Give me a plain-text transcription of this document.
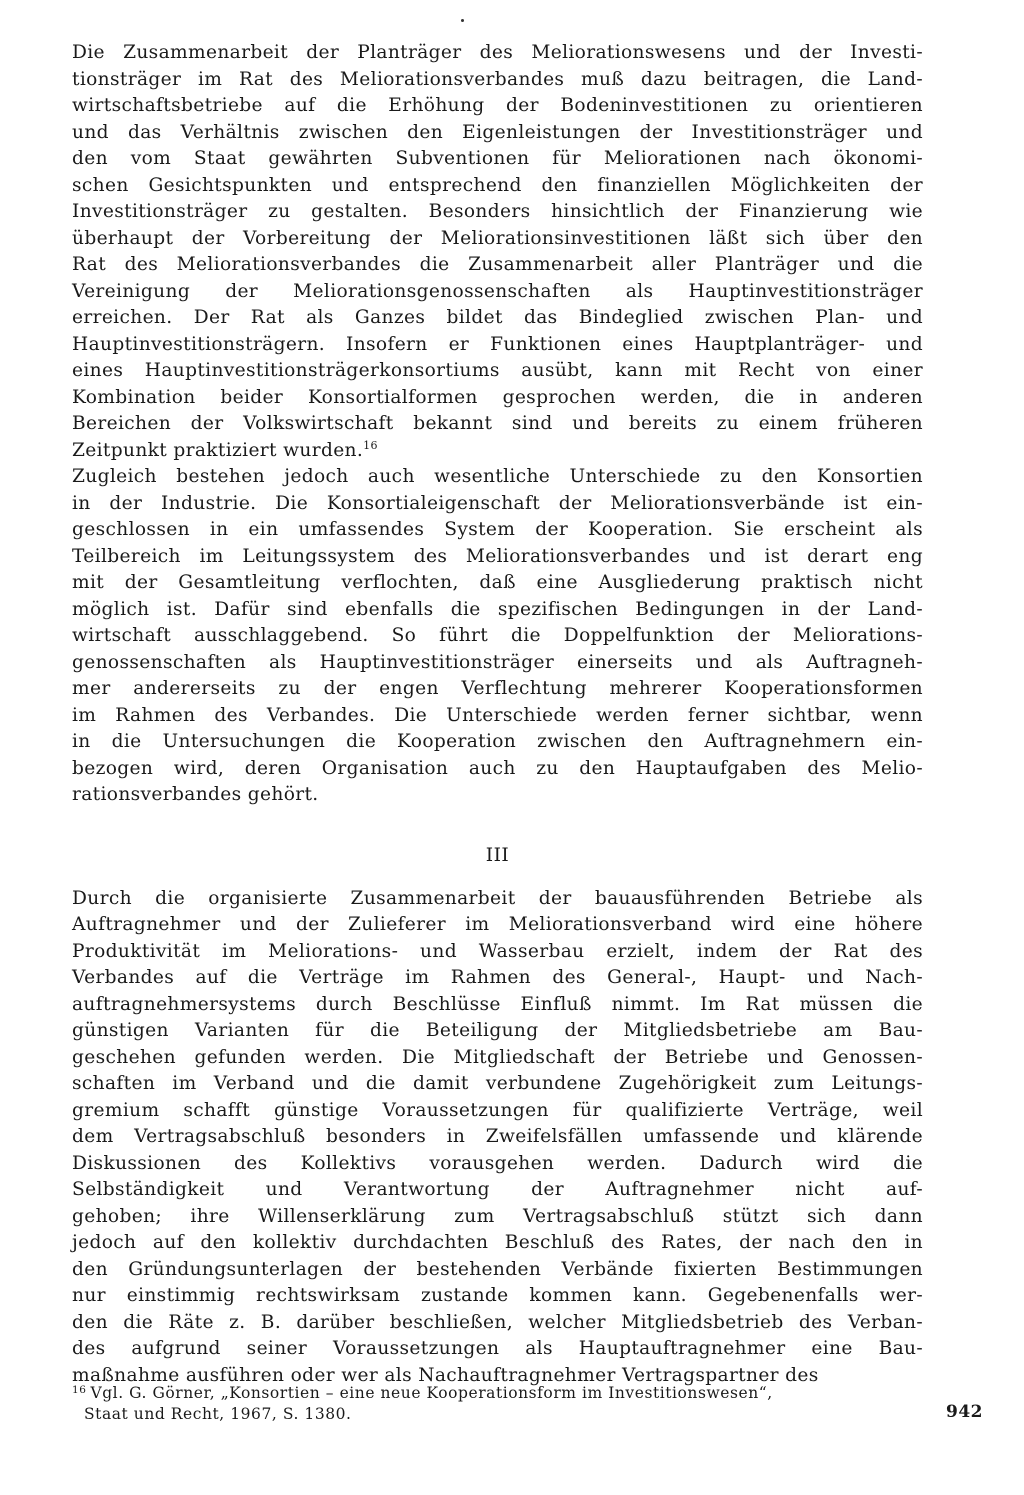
Die Zusammenarbeit der Planträger des Meliorationswesens und der Investi-
tionsträger im Rat des Meliorationsverbandes muß dazu beitragen, die Land-
wirtschaftsbetriebe auf die Erhöhung der Bodeninvestitionen zu orientieren
und das Verhältnis zwischen den Eigenleistungen der Investitionsträger und
den vom Staat gewährten Subventionen für Meliorationen nach ökonomi-
schen Gesichtspunkten und entsprechend den finanziellen Möglichkeiten der
Investitionsträger zu gestalten. Besonders hinsichtlich der Finanzierung wie
überhaupt der Vorbereitung der Meliorationsinvestitionen läßt sich über den
Rat des Meliorationsverbandes die Zusammenarbeit aller Planträger und die
Vereinigung der Meliorationsgenossenschaften als Hauptinvestitionsträger
erreichen. Der Rat als Ganzes bildet das Bindeglied zwischen Plan- und
Hauptinvestitionsträgern. Insofern er Funktionen eines Hauptplanträger- und
eines Hauptinvestitionsträgerkonsortiums ausübt, kann mit Recht von einer
Kombination beider Konsortialformen gesprochen werden, die in anderen
Bereichen der Volkswirtschaft bekannt sind und bereits zu einem früheren
Zeitpunkt praktiziert wurden.$^{16}$
Zugleich bestehen jedoch auch wesentliche Unterschiede zu den Konsortien
in der Industrie. Die Konsortialeigenschaft der Meliorationsverbände ist ein-
geschlossen in ein umfassendes System der Kooperation. Sie erscheint als
Teilbereich im Leitungssystem des Meliorationsverbandes und ist derart eng
mit der Gesamtleitung verflochten, daß eine Ausgliederung praktisch nicht
möglich ist. Dafür sind ebenfalls die spezifischen Bedingungen in der Land-
wirtschaft ausschlaggebend. So führt die Doppelfunktion der Meliorations-
genossenschaften als Hauptinvestitionsträger einerseits und als Auftragneh-
mer andererseits zu der engen Verflechtung mehrerer Kooperationsformen
im Rahmen des Verbandes. Die Unterschiede werden ferner sichtbar, wenn
in die Untersuchungen die Kooperation zwischen den Auftragnehmern ein-
bezogen wird, deren Organisation auch zu den Hauptaufgaben des Melio-
rationsverbandes gehört.
III
Durch die organisierte Zusammenarbeit der bauausführenden Betriebe als
Auftragnehmer und der Zulieferer im Meliorationsverband wird eine höhere
Produktivität im Meliorations- und Wasserbau erzielt, indem der Rat des
Verbandes auf die Verträge im Rahmen des General-, Haupt- und Nach-
auftragnehmersystems durch Beschlüsse Einfluß nimmt. Im Rat müssen die
günstigen Varianten für die Beteiligung der Mitgliedsbetriebe am Bau-
geschehen gefunden werden. Die Mitgliedschaft der Betriebe und Genossen-
schaften im Verband und die damit verbundene Zugehörigkeit zum Leitungs-
gremium schafft günstige Voraussetzungen für qualifizierte Verträge, weil
dem Vertragsabschluß besonders in Zweifelsfällen umfassende und klärende
Diskussionen des Kollektivs vorausgehen werden. Dadurch wird die
Selbständigkeit und Verantwortung der Auftragnehmer nicht auf-
gehoben; ihre Willenserklärung zum Vertragsabschluß stützt sich dann
jedoch auf den kollektiv durchdachten Beschluß des Rates, der nach den in
den Gründungsunterlagen der bestehenden Verbände fixierten Bestimmungen
nur einstimmig rechtswirksam zustande kommen kann. Gegebenenfalls wer-
den die Räte z. B. darüber beschließen, welcher Mitgliedsbetrieb des Verban-
des aufgrund seiner Voraussetzungen als Hauptauftragnehmer eine Bau-
maßnahme ausführen oder wer als Nachauftragnehmer Vertragspartner des
$^{16}$ Vgl. G. Görner, „Konsortien – eine neue Kooperationsform im Investitionswesen“,
Staat und Recht, 1967, S. 1380.	942
